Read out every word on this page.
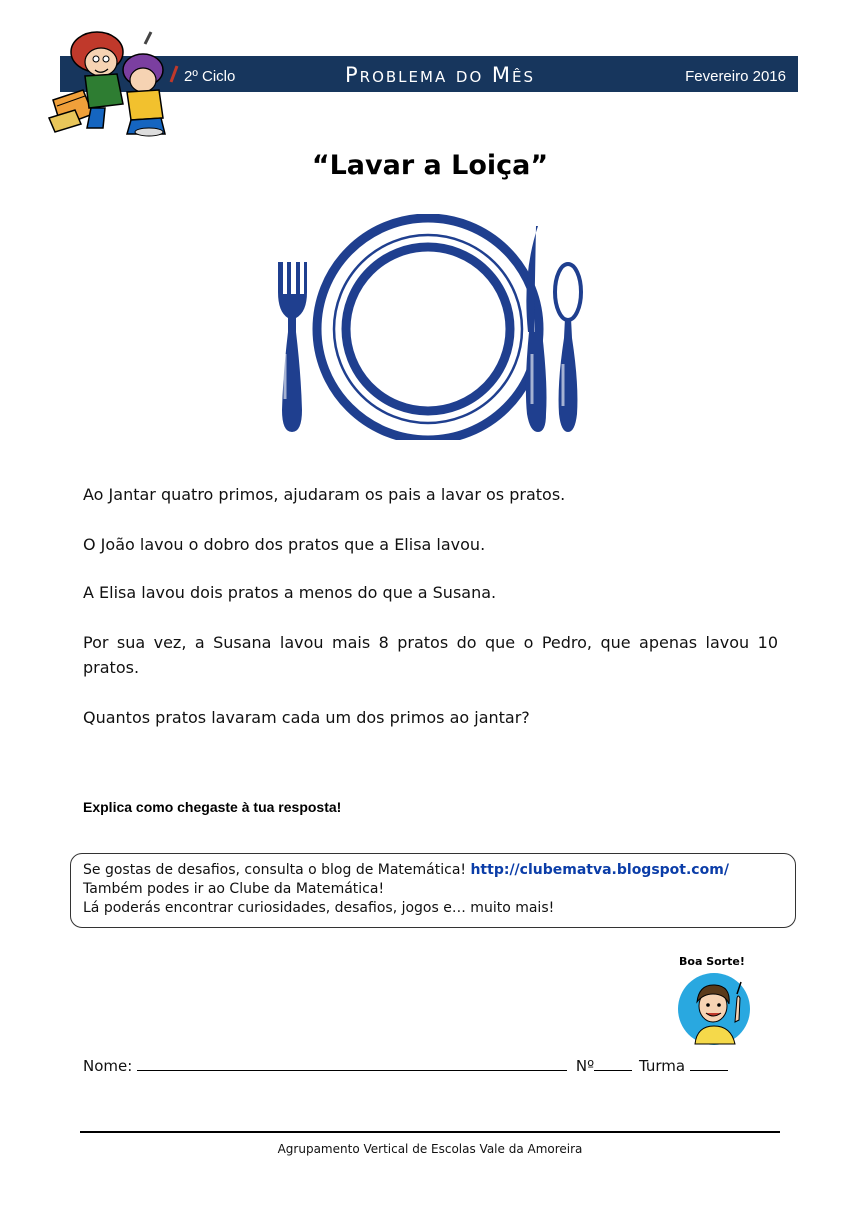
2º Ciclo	Problema do Mês	Fevereiro 2016
“Lavar a Loiça”
Ao Jantar quatro primos, ajudaram os pais a lavar os pratos.
O João lavou o dobro dos pratos que a Elisa lavou.
A Elisa lavou dois pratos a menos do que a Susana.
Por sua vez, a Susana lavou mais 8 pratos do que o Pedro, que apenas lavou 10 pratos.
Quantos pratos lavaram cada um dos primos ao jantar?
Explica como chegaste à tua resposta!
Se gostas de desafios, consulta o blog de Matemática! http://clubematva.blogspot.com/
Também podes ir ao Clube da Matemática!
Lá poderás encontrar curiosidades, desafios, jogos e… muito mais!
Boa Sorte!
Nome:	Nº	Turma
Agrupamento Vertical de Escolas Vale da Amoreira
